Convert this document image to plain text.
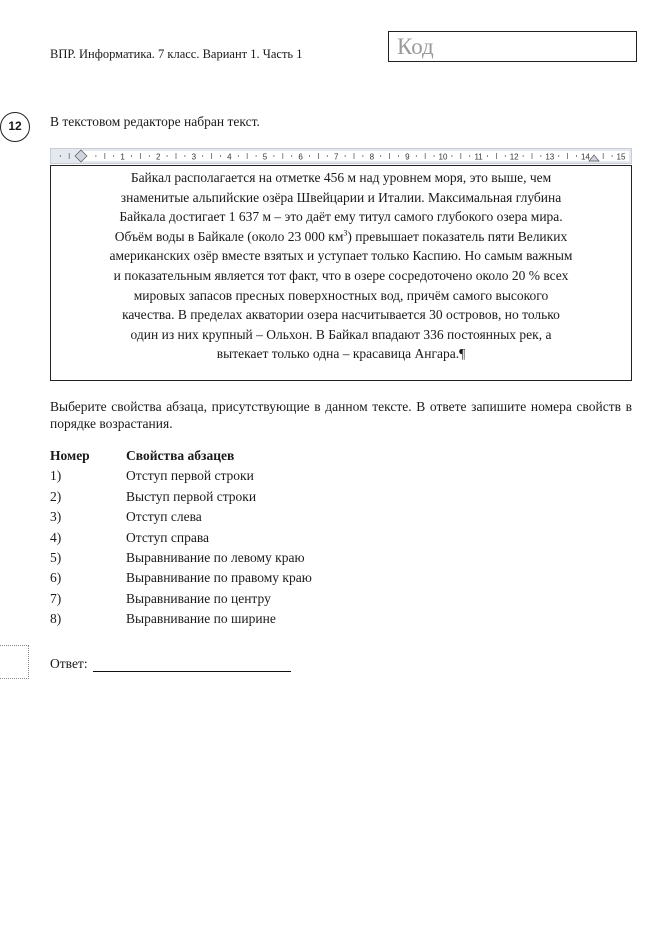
ВПР. Информатика. 7 класс. Вариант 1. Часть 1	Код
12	В текстовом редакторе набран текст.
1	2	3	4	5	6	7	8	9	10	11	12	13	14	15
Байкал располагается на отметке 456 м над уровнем моря, это выше, чем
знаменитые альпийские озёра Швейцарии и Италии. Максимальная глубина
Байкала достигает 1 637 м – это даёт ему титул самого глубокого озера мира.
Объём воды в Байкале (около 23 000 $км^3$) превышает показатель пяти Великих
американских озёр вместе взятых и уступает только Каспию. Но самым важным
и показательным является тот факт, что в озере сосредоточено около 20 % всех
мировых запасов пресных поверхностных вод, причём самого высокого
качества. В пределах акватории озера насчитывается 30 островов, но только
один из них крупный – Ольхон. В Байкал впадают 336 постоянных рек, а
вытекает только одна – красавица Ангара.¶
Выберите свойства абзаца, присутствующие в данном тексте. В ответе запишите номера свойств в порядке возрастания.
Номер	Свойства абзацев
1)	Отступ первой строки
2)	Выступ первой строки
3)	Отступ слева
4)	Отступ справа
5)	Выравнивание по левому краю
6)	Выравнивание по правому краю
7)	Выравнивание по центру
8)	Выравнивание по ширине
Ответ:
